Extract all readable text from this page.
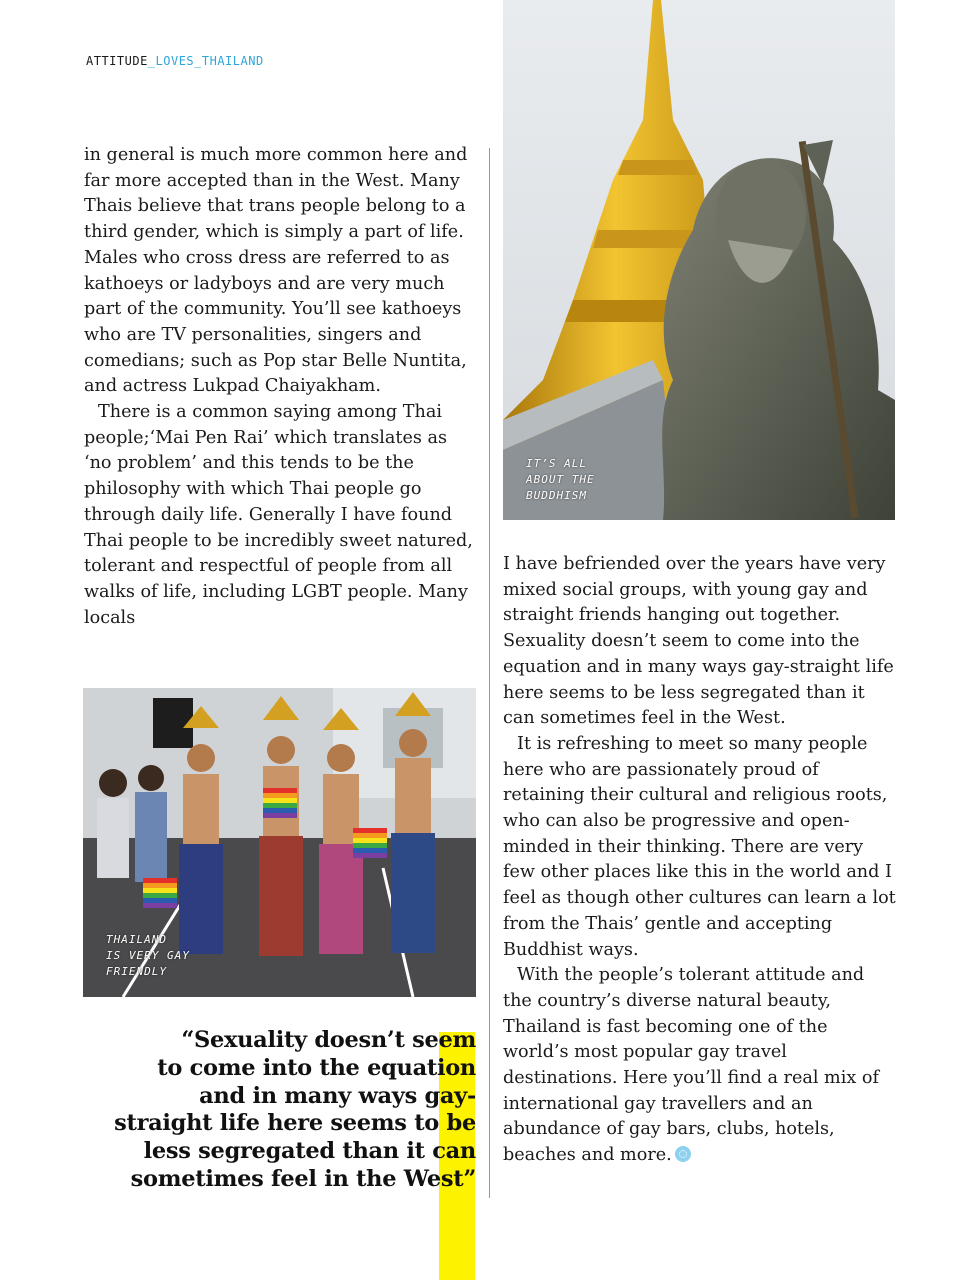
ATTITUDE_LOVES_THAILAND

in general is much more common here and far more accepted than in the West. Many Thais believe that trans people belong to a third gender, which is simply a part of life. Males who cross dress are referred to as kathoeys or ladyboys and are very much part of the community. You’ll see kathoeys who are TV personalities, singers and comedians; such as Pop star Belle Nuntita, and actress Lukpad Chaiyakham.

There is a common saying among Thai people;‘Mai Pen Rai’ which translates as ‘no problem’ and this tends to be the philosophy with which Thai people go through daily life. Generally I have found Thai people to be incredibly sweet natured, tolerant and respectful of people from all walks of life, including LGBT people. Many locals

IT’S ALL
ABOUT THE
BUDDHISM

I have befriended over the years have very mixed social groups, with young gay and straight friends hanging out together. Sexuality doesn’t seem to come into the equation and in many ways gay-straight life here seems to be less segregated than it can sometimes feel in the West.

It is refreshing to meet so many people here who are passionately proud of retaining their cultural and religious roots, who can also be progressive and open-minded in their thinking. There are very few other places like this in the world and I feel as though other cultures can learn a lot from the Thais’ gentle and accepting Buddhist ways.

With the people’s tolerant attitude and the country’s diverse natural beauty, Thailand is fast becoming one of the world’s most popular gay travel destinations. Here you’ll find a real mix of international gay travellers and an abundance of gay bars, clubs, hotels, beaches and more.

THAILAND
IS VERY GAY
FRIENDLY
“Sexuality doesn’t seem
to come into the equation
and in many ways gay-
straight life here seems to be
less segregated than it can
sometimes feel in the West”
